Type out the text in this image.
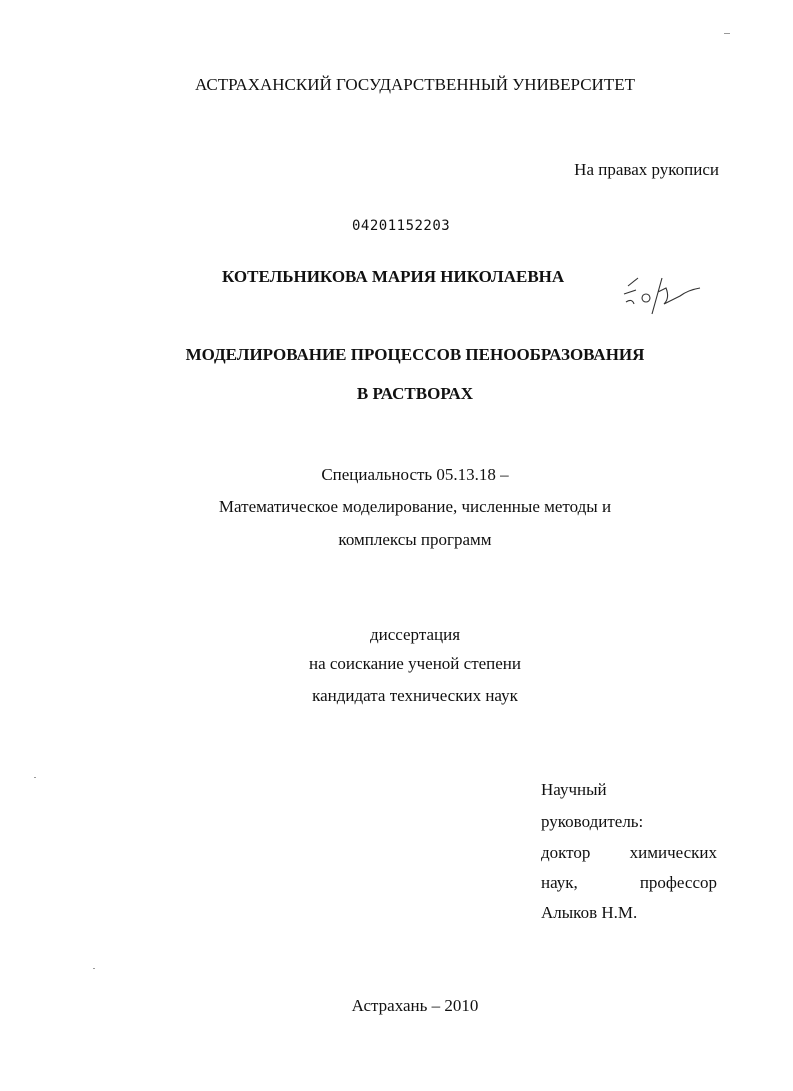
АСТРАХАНСКИЙ ГОСУДАРСТВЕННЫЙ УНИВЕРСИТЕТ
На правах рукописи
04201152203
КОТЕЛЬНИКОВА МАРИЯ НИКОЛАЕВНА
МОДЕЛИРОВАНИЕ ПРОЦЕССОВ ПЕНООБРАЗОВАНИЯ
В РАСТВОРАХ
Специальность 05.13.18 –
Математическое моделирование, численные методы и
комплексы программ
диссертация
на соискание ученой степени
кандидата технических наук
Научный
руководитель:
доктор химических
наук,	профессор
Алыков Н.М.
Астрахань – 2010
